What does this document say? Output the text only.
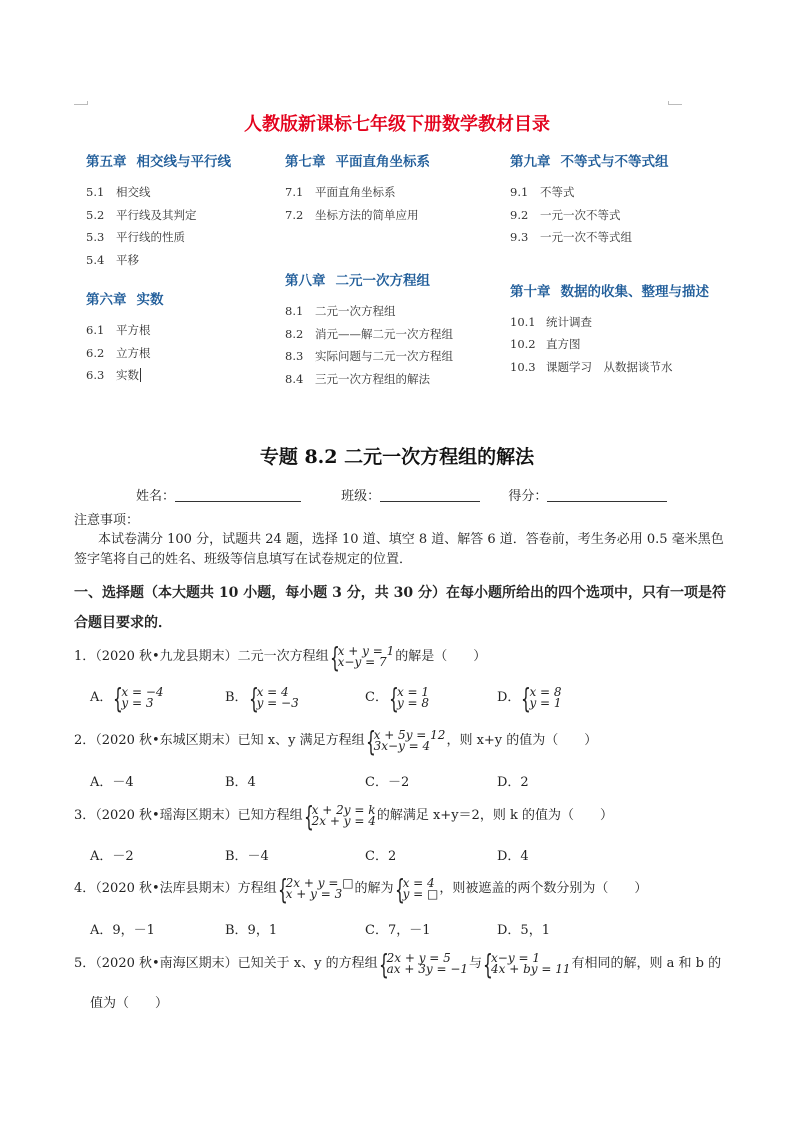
人教版新课标七年级下册数学教材目录
第五章 相交线与平行线
5.1 相交线
5.2 平行线及其判定
5.3 平行线的性质
5.4 平移
第六章 实数
6.1 平方根
6.2 立方根
6.3 实数
第七章 平面直角坐标系
7.1 平面直角坐标系
7.2 坐标方法的简单应用
第八章 二元一次方程组
8.1 二元一次方程组
8.2 消元——解二元一次方程组
8.3 实际问题与二元一次方程组
8.4 三元一次方程组的解法
第九章 不等式与不等式组
9.1 不等式
9.2 一元一次不等式
9.3 一元一次不等式组
第十章 数据的收集、整理与描述
10.1 统计调查
10.2 直方图
10.3 课题学习　从数据谈节水
专题 8.2 二元一次方程组的解法
姓名：	班级：	得分：
注意事项：
本试卷满分 100 分，试题共 24 题，选择 10 道、填空 8 道、解答 6 道．答卷前，考生务必用 0.5 毫米黑色签字笔将自己的姓名、班级等信息填写在试卷规定的位置．
一、选择题（本大题共 10 小题，每小题 3 分，共 30 分）在每小题所给出的四个选项中，只有一项是符合题目要求的．
1．（2020 秋•九龙县期末）二元一次方程组 {
x + y = 1
x−y = 7 的解是（　　）
A． {
x = −4
y = 3	B． {
x = 4
y = −3	C． {
x = 1
y = 8	D． {
x = 8
y = 1
2．（2020 秋•东城区期末）已知 x、y 满足方程组 {
x + 5y = 12
3x−y = 4	，则 x+y 的值为（　　）
A．－4	B．4	C．－2	D．2
3．（2020 秋•瑶海区期末）已知方程组 {
x + 2y = k
2x + y = 4 的解满足 x+y＝2，则 k 的值为（　　）
A．－2	B．－4	C．2	D．4
4．（2020 秋•法库县期末）方程组 {
2x + y = □
x + y = 3 的解为 {
x = 4
y = □ ，则被遮盖的两个数分别为（　　）
A．9，－1	B．9，1	C．7，－1	D．5，1
5．（2020 秋•南海区期末）已知关于 x、y 的方程组 {
2x + y = 5
ax + 3y = −1 与 {
x−y = 1
4x + by = 11 有相同的解，则 a 和 b 的
值为（　　）
